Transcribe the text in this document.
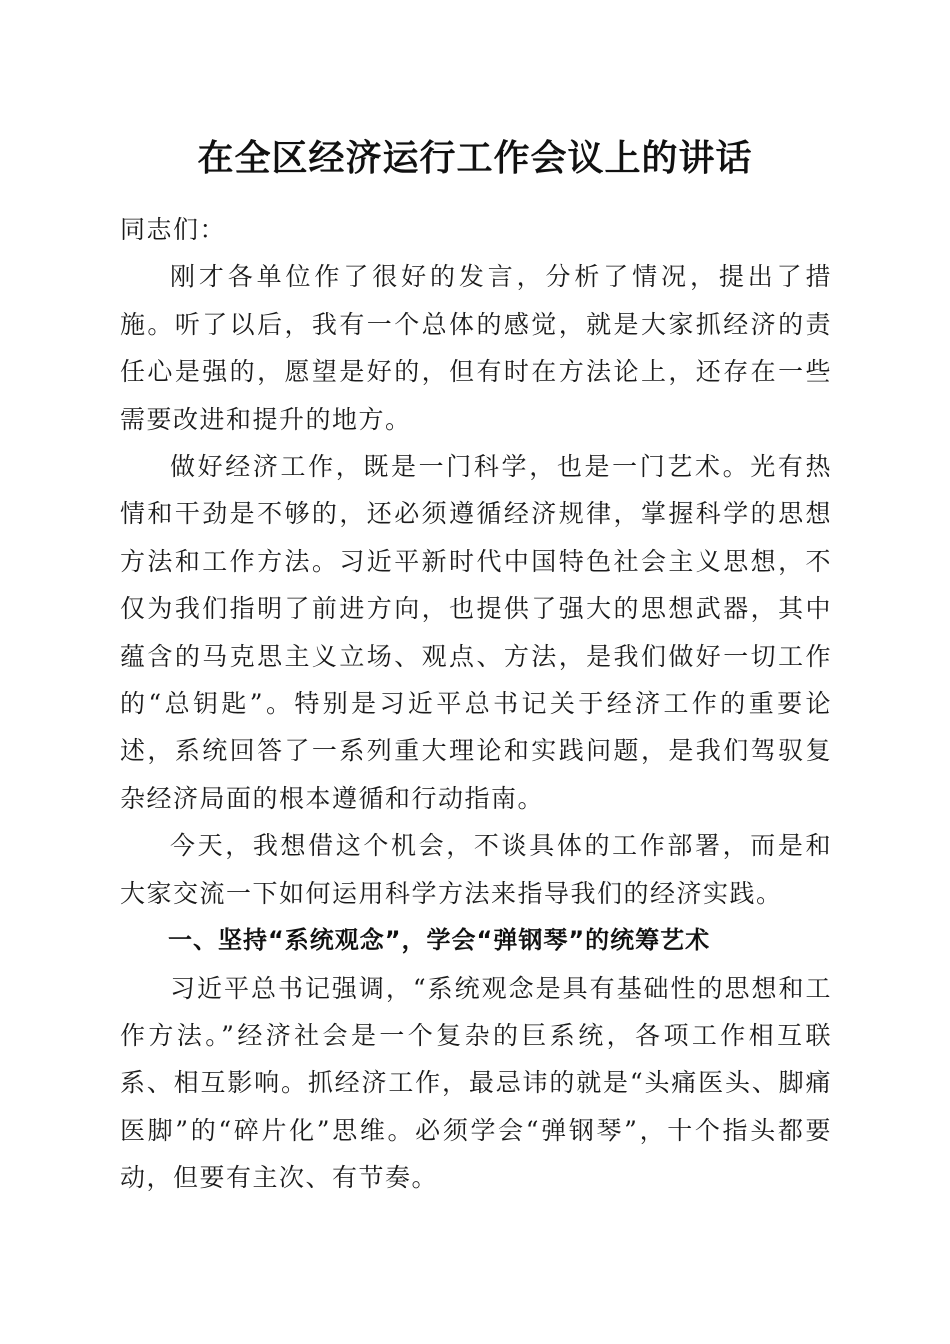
在全区经济运行工作会议上的讲话

同志们：

刚才各单位作了很好的发言，分析了情况，提出了措施。听了以后，我有一个总体的感觉，就是大家抓经济的责任心是强的，愿望是好的，但有时在方法论上，还存在一些需要改进和提升的地方。

做好经济工作，既是一门科学，也是一门艺术。光有热情和干劲是不够的，还必须遵循经济规律，掌握科学的思想方法和工作方法。习近平新时代中国特色社会主义思想，不仅为我们指明了前进方向，也提供了强大的思想武器，其中蕴含的马克思主义立场、观点、方法，是我们做好一切工作的“总钥匙”。特别是习近平总书记关于经济工作的重要论述，系统回答了一系列重大理论和实践问题，是我们驾驭复杂经济局面的根本遵循和行动指南。

今天，我想借这个机会，不谈具体的工作部署，而是和大家交流一下如何运用科学方法来指导我们的经济实践。

一、坚持“系统观念”，学会“弹钢琴”的统筹艺术

习近平总书记强调，“系统观念是具有基础性的思想和工作方法。”经济社会是一个复杂的巨系统，各项工作相互联系、相互影响。抓经济工作，最忌讳的就是“头痛医头、脚痛医脚”的“碎片化”思维。必须学会“弹钢琴”，十个指头都要动，但要有主次、有节奏。
